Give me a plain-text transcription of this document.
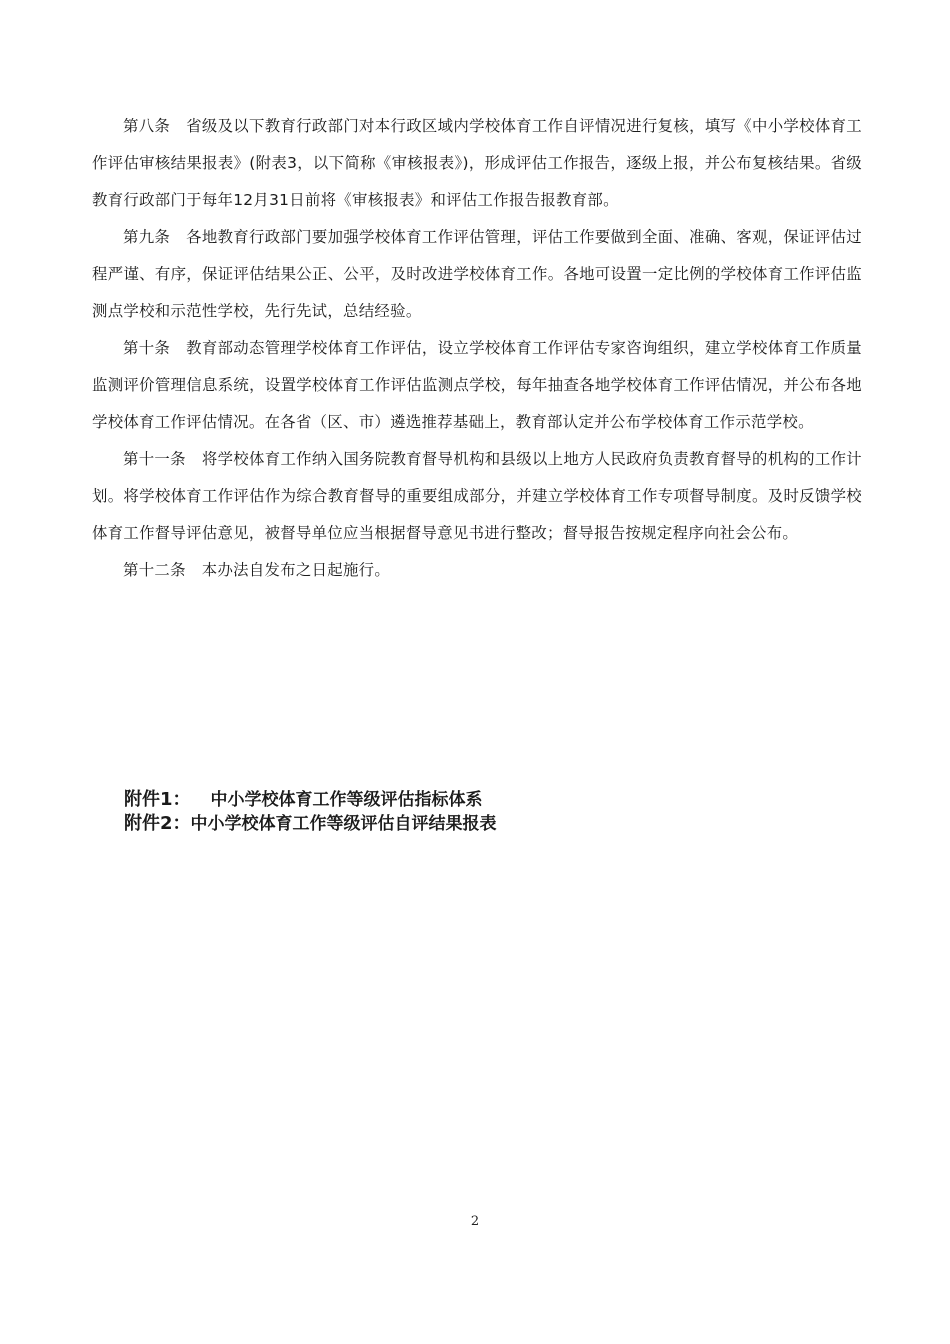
第八条 省级及以下教育行政部门对本行政区域内学校体育工作自评情况进行复核，填写《中小学校体育工作评估审核结果报表》(附表3，以下简称《审核报表》)，形成评估工作报告，逐级上报，并公布复核结果。省级教育行政部门于每年12月31日前将《审核报表》和评估工作报告报教育部。

第九条 各地教育行政部门要加强学校体育工作评估管理，评估工作要做到全面、准确、客观，保证评估过程严谨、有序，保证评估结果公正、公平，及时改进学校体育工作。各地可设置一定比例的学校体育工作评估监测点学校和示范性学校，先行先试，总结经验。

第十条 教育部动态管理学校体育工作评估，设立学校体育工作评估专家咨询组织，建立学校体育工作质量监测评价管理信息系统，设置学校体育工作评估监测点学校，每年抽查各地学校体育工作评估情况，并公布各地学校体育工作评估情况。在各省（区、市）遴选推荐基础上，教育部认定并公布学校体育工作示范学校。

第十一条 将学校体育工作纳入国务院教育督导机构和县级以上地方人民政府负责教育督导的机构的工作计划。将学校体育工作评估作为综合教育督导的重要组成部分，并建立学校体育工作专项督导制度。及时反馈学校体育工作督导评估意见，被督导单位应当根据督导意见书进行整改；督导报告按规定程序向社会公布。

第十二条 本办法自发布之日起施行。

附件1： 中小学校体育工作等级评估指标体系
附件2：中小学校体育工作等级评估自评结果报表
2
